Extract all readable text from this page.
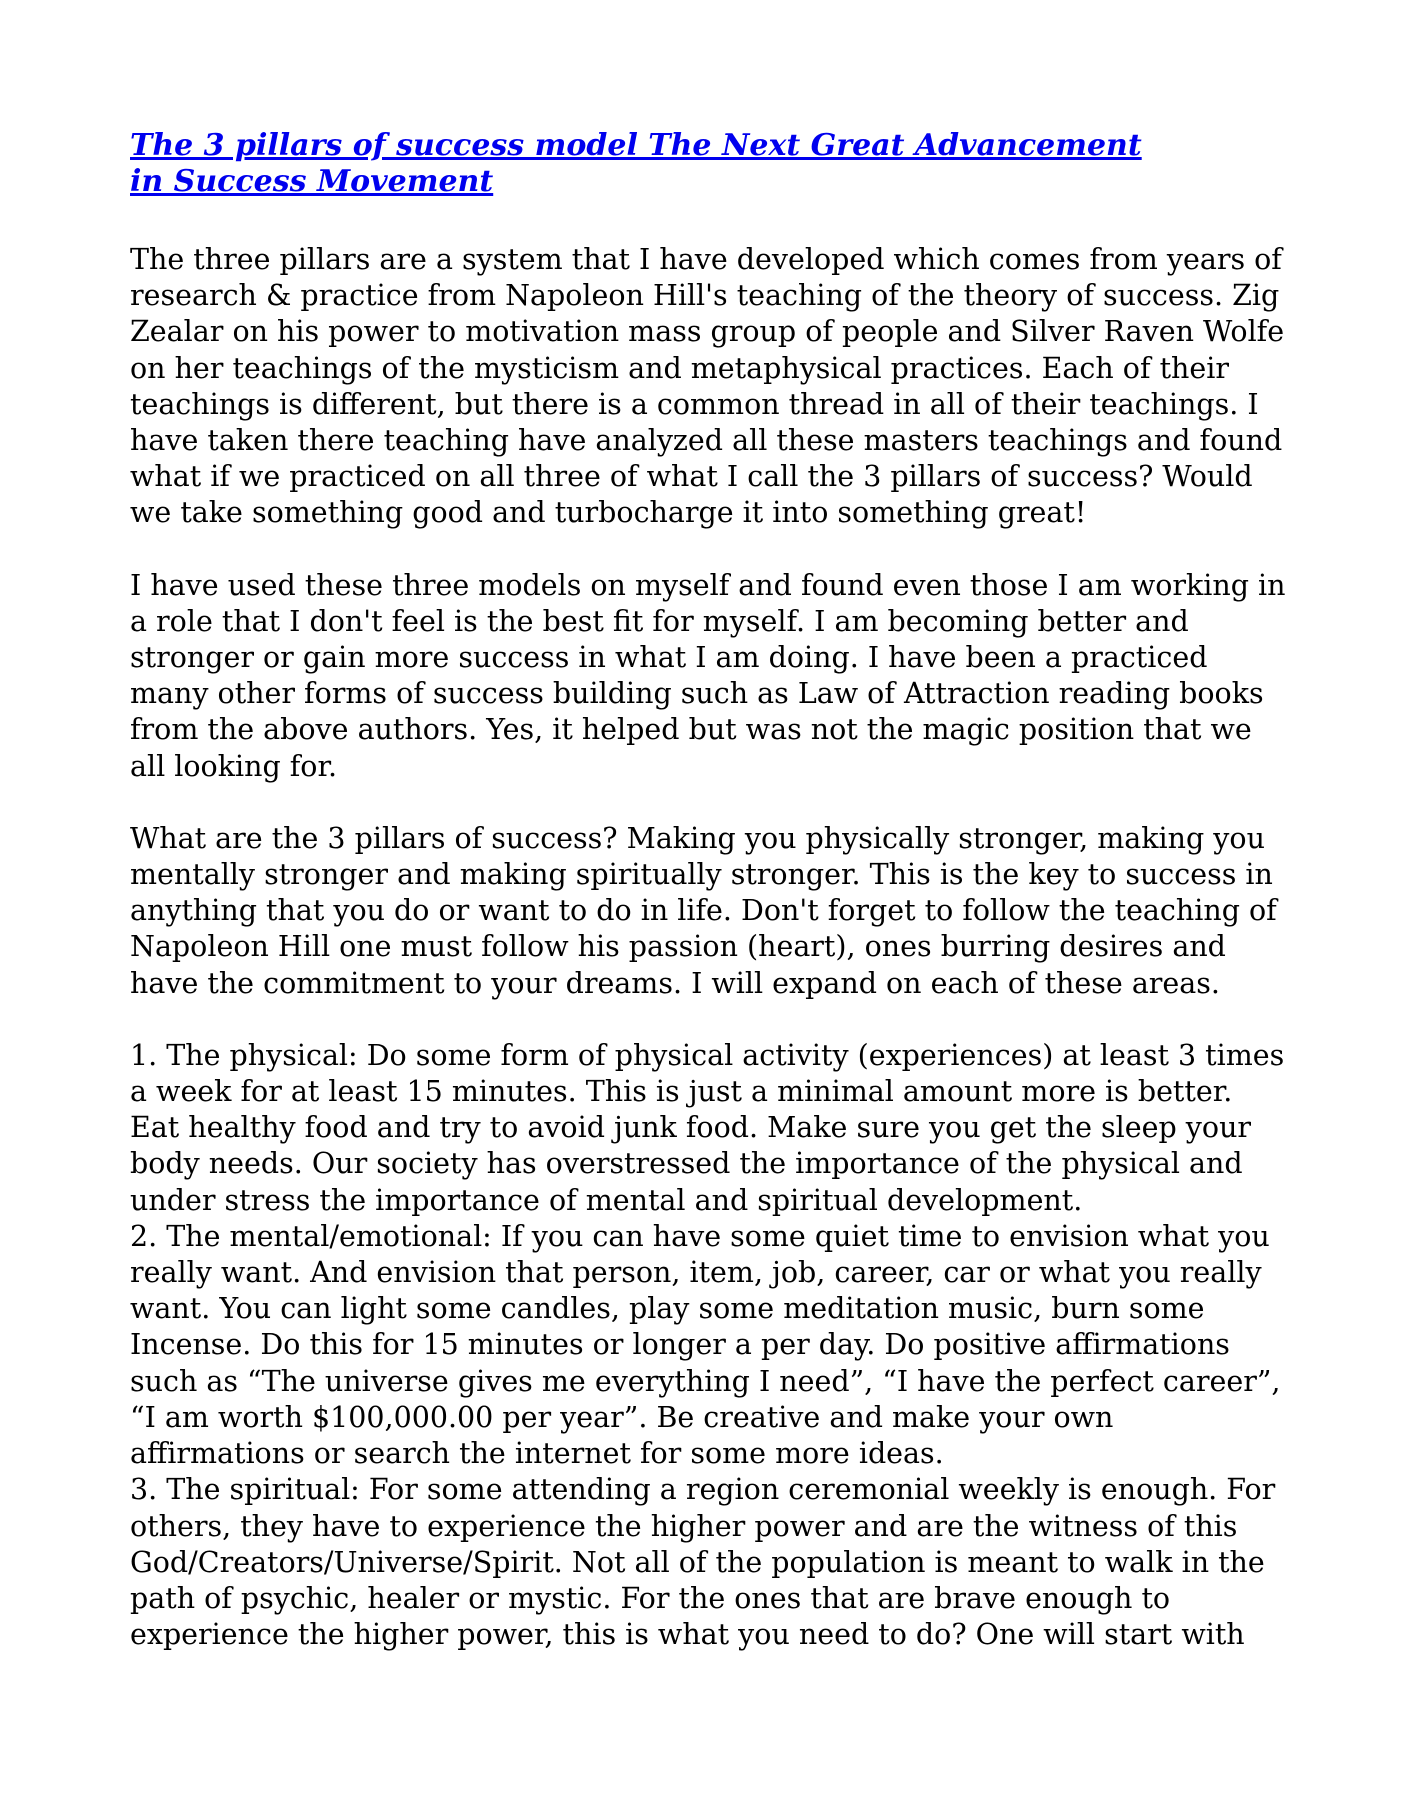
The 3 pillars of success model The Next Great Advancement in Success Movement

The three pillars are a system that I have developed which comes from years of research & practice from Napoleon Hill's teaching of the theory of success. Zig Zealar on his power to motivation mass group of people and Silver Raven Wolfe on her teachings of the mysticism and metaphysical practices. Each of their teachings is different, but there is a common thread in all of their teachings. I have taken there teaching have analyzed all these masters teachings and found what if we practiced on all three of what I call the 3 pillars of success? Would we take something good and turbocharge it into something great!

I have used these three models on myself and found even those I am working in a role that I don't feel is the best fit for myself. I am becoming better and stronger or gain more success in what I am doing. I have been a practiced many other forms of success building such as Law of Attraction reading books from the above authors. Yes, it helped but was not the magic position that we all looking for.

What are the 3 pillars of success? Making you physically stronger, making you mentally stronger and making spiritually stronger. This is the key to success in anything that you do or want to do in life. Don't forget to follow the teaching of Napoleon Hill one must follow his passion (heart), ones burring desires and have the commitment to your dreams. I will expand on each of these areas.

1. The physical: Do some form of physical activity (experiences) at least 3 times a week for at least 15 minutes. This is just a minimal amount more is better. Eat healthy food and try to avoid junk food. Make sure you get the sleep your body needs. Our society has overstressed the importance of the physical and under stress the importance of mental and spiritual development.

2. The mental/emotional: If you can have some quiet time to envision what you really want. And envision that person, item, job, career, car or what you really want. You can light some candles, play some meditation music, burn some Incense. Do this for 15 minutes or longer a per day. Do positive affirmations such as “The universe gives me everything I need”, “I have the perfect career”, “I am worth $100,000.00 per year”. Be creative and make your own affirmations or search the internet for some more ideas.

3. The spiritual: For some attending a region ceremonial weekly is enough. For others, they have to experience the higher power and are the witness of this God/Creators/Universe/Spirit. Not all of the population is meant to walk in the path of psychic, healer or mystic. For the ones that are brave enough to experience the higher power, this is what you need to do? One will start with
